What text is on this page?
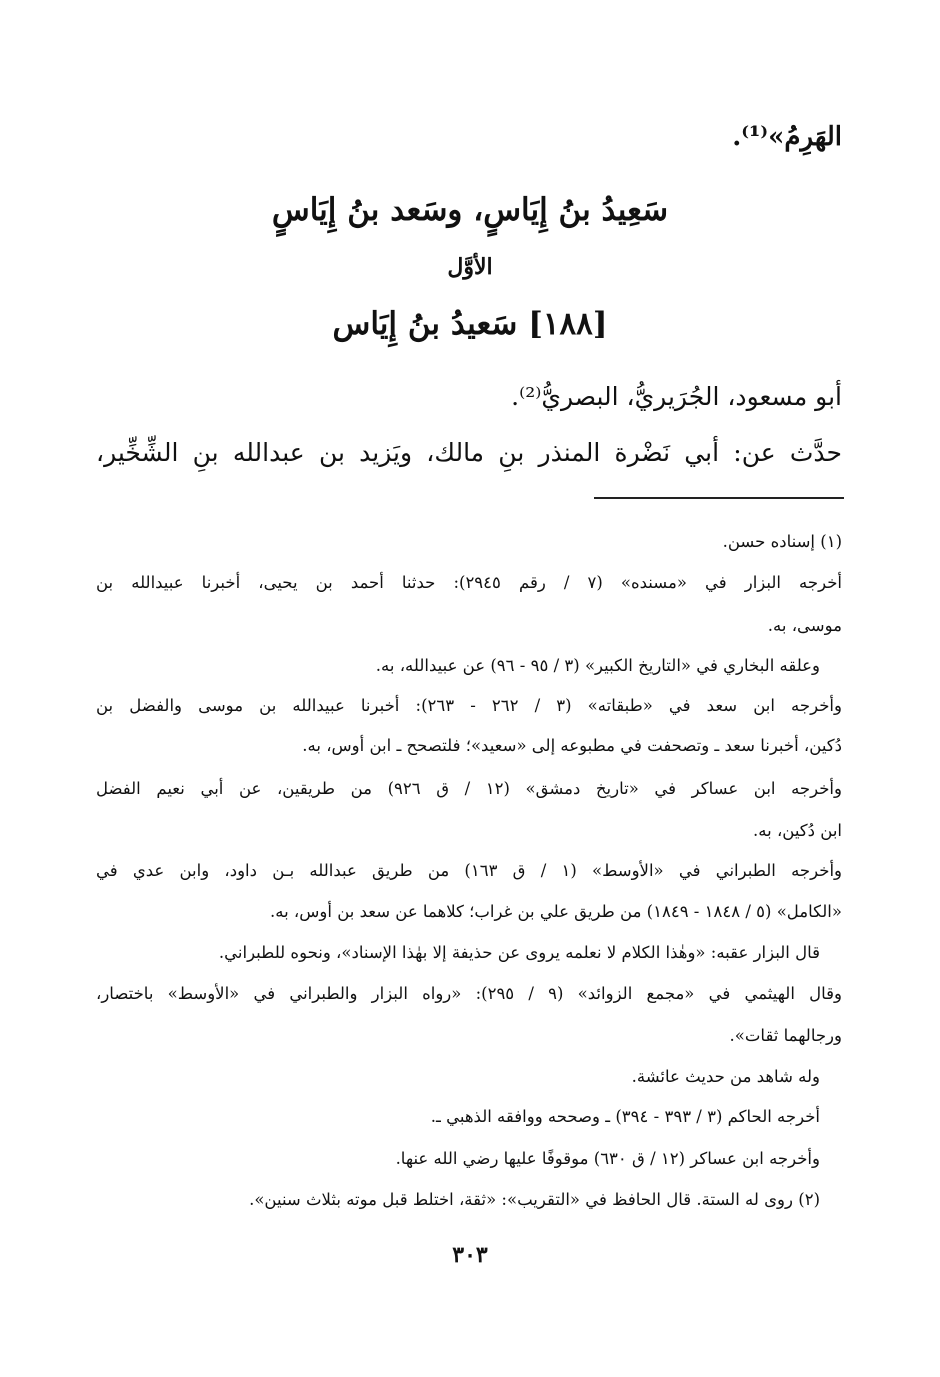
الهَرِمُ»⁽¹⁾.
سَعِيدُ بنُ إِيَاسٍ، وسَعد بنُ إِيَاسٍ
الأوَّل
[١٨٨] سَعيدُ بنُ إِيَاس
أبو مسعود، الجُرَيريُّ، البصريُّ⁽²⁾.
حدَّث عن: أبي نَضْرة المنذر بنِ مالك، ويَزيد بن عبدالله بنِ الشِّخِّير،
(١) إسناده حسن.
أخرجه البزار في «مسنده» (٧ / رقم ٢٩٤٥): حدثنا أحمد بن يحيى، أخبرنا عبيدالله بن
موسى، به.
وعلقه البخاري في «التاريخ الكبير» (٣ / ٩٥ - ٩٦) عن عبيدالله، به.
وأخرجه ابن سعد في «طبقاته» (٣ / ٢٦٢ - ٢٦٣): أخبرنا عبيدالله بن موسى والفضل بن
دُكين، أخبرنا سعد ـ وتصحفت في مطبوعه إلى «سعيد»؛ فلتصحح ـ ابن أوس، به.
وأخرجه ابن عساكر في «تاريخ دمشق» (١٢ / ق ٩٢٦) من طريقين، عن أبي نعيم الفضل
ابن دُكين، به.
وأخرجه الطبراني في «الأوسط» (١ / ق ١٦٣) من طريق عبدالله بـن داود، وابن عدي في
«الكامل» (٥ / ١٨٤٨ - ١٨٤٩) من طريق علي بن غراب؛ كلاهما عن سعد بن أوس، به.
قال البزار عقبه: «وهٰذا الكلام لا نعلمه يروى عن حذيفة إلا بهٰذا الإسناد»، ونحوه للطبراني.
وقال الهيثمي في «مجمع الزوائد» (٩ / ٢٩٥): «رواه البزار والطبراني في «الأوسط» باختصار،
ورجالهما ثقات».
وله شاهد من حديث عائشة.
أخرجه الحاكم (٣ / ٣٩٣ - ٣٩٤) ـ وصححه ووافقه الذهبي ـ.
وأخرجه ابن عساكر (١٢ / ق ٦٣٠) موقوفًا عليها رضي الله عنها.
(٢) روى له الستة. قال الحافظ في «التقريب»: «ثقة، اختلط قبل موته بثلاث سنين».
٣٠٣
